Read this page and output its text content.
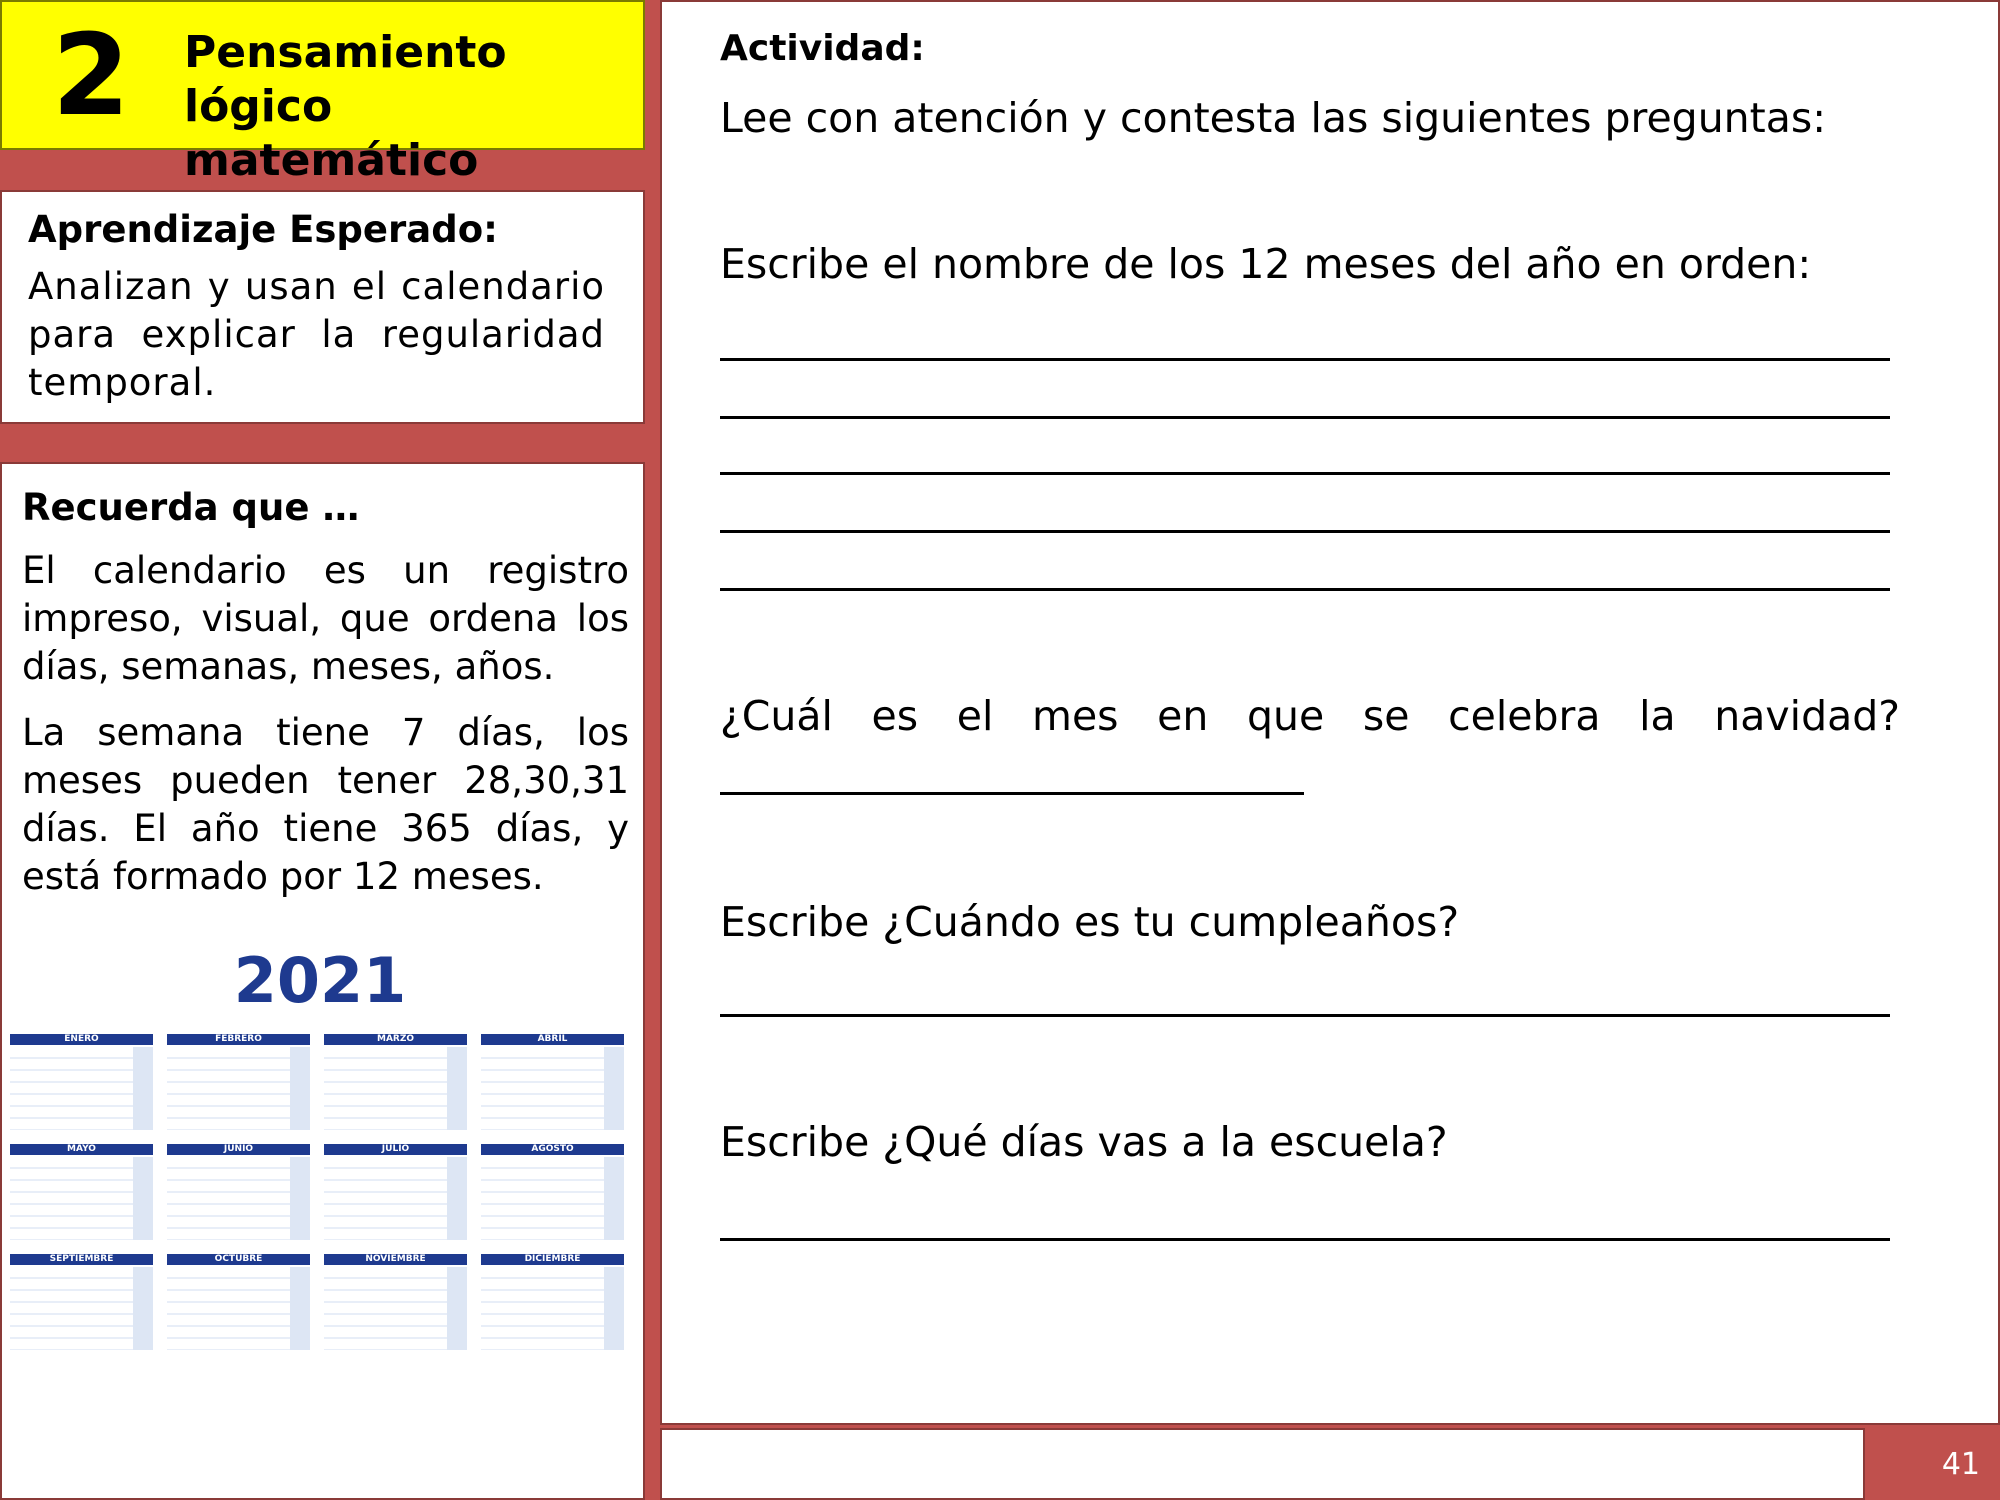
2 Pensamiento lógico
matemático
Aprendizaje Esperado:

Analizan y usan el calendario para explicar la regularidad temporal.

Recuerda que …

El calendario es un registro impreso, visual, que ordena los días, semanas, meses, años.

La semana tiene 7 días, los meses pueden tener 28,30,31 días. El año tiene 365 días, y está formado por 12 meses.

2021
ENERO	FEBRERO	MARZO	ABRIL
MAYO	JUNIO	JULIO	AGOSTO
SEPTIEMBRE	OCTUBRE	NOVIEMBRE	DICIEMBRE
Actividad:
Lee con atención y contesta las siguientes preguntas:
Escribe el nombre de los 12 meses del año en orden:
¿Cuál es el mes en que se celebra la navidad?
Escribe ¿Cuándo es tu cumpleaños?
Escribe ¿Qué días vas a la escuela?
41
